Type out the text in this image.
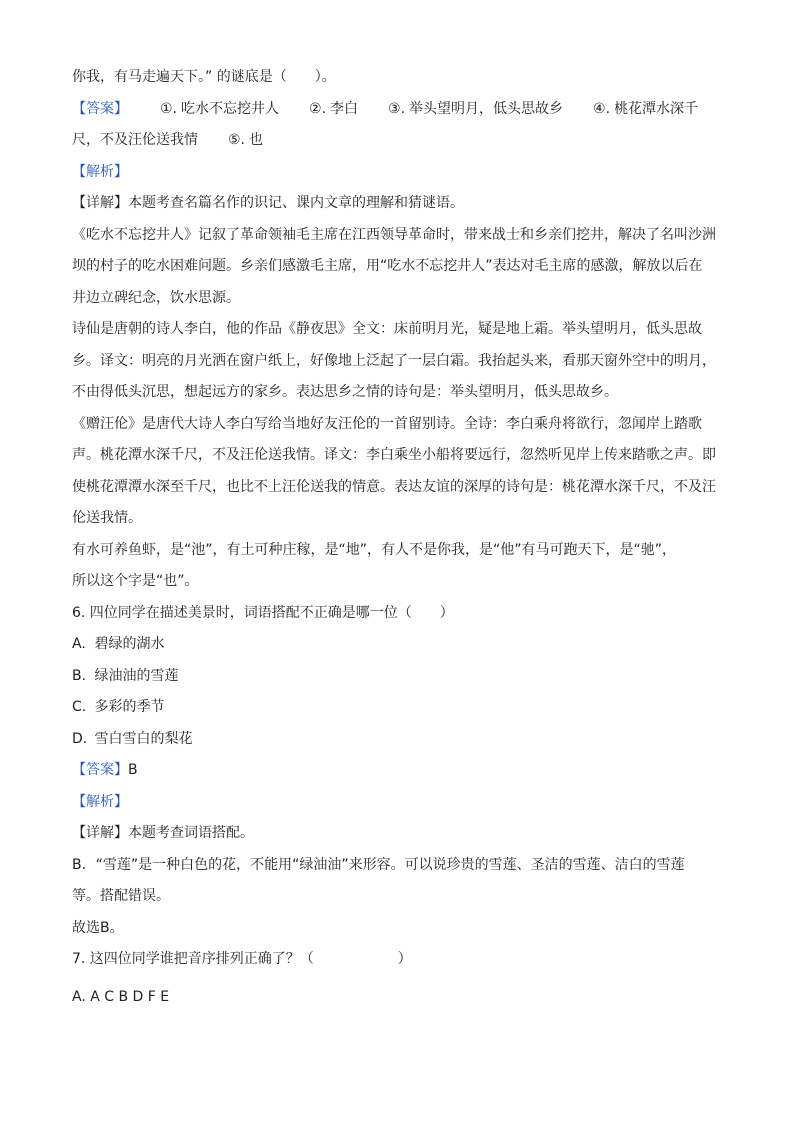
你我，有马走遍天下。” 的谜底是（　　）。

【答案】	①. 吃水不忘挖井人 ②. 李白 ③. 举头望明月，低头思故乡 ④. 桃花潭水深千

尺，不及汪伦送我情 ⑤. 也

【解析】

【详解】本题考查名篇名作的识记、课内文章的理解和猜谜语。

《吃水不忘挖井人》记叙了革命领袖毛主席在江西领导革命时，带来战士和乡亲们挖井，解决了名叫沙洲

坝的村子的吃水困难问题。乡亲们感激毛主席，用“吃水不忘挖井人”表达对毛主席的感激，解放以后在

井边立碑纪念，饮水思源。

诗仙是唐朝的诗人李白，他的作品《静夜思》全文：床前明月光，疑是地上霜。举头望明月，低头思故

乡。译文：明亮的月光洒在窗户纸上，好像地上泛起了一层白霜。我抬起头来，看那天窗外空中的明月，

不由得低头沉思，想起远方的家乡。表达思乡之情的诗句是：举头望明月，低头思故乡。

《赠汪伦》是唐代大诗人李白写给当地好友汪伦的一首留别诗。全诗：李白乘舟将欲行，忽闻岸上踏歌

声。桃花潭水深千尺，不及汪伦送我情。译文：李白乘坐小船将要远行，忽然听见岸上传来踏歌之声。即

使桃花潭潭水深至千尺，也比不上汪伦送我的情意。表达友谊的深厚的诗句是：桃花潭水深千尺，不及汪

伦送我情。

有水可养鱼虾，是“池”，有土可种庄稼，是“地”，有人不是你我，是“他”有马可跑天下，是“驰”，

所以这个字是“也”。

6. 四位同学在描述美景时，词语搭配不正确是哪一位（　　）

A. 碧绿的湖水

B. 绿油油的雪莲

C. 多彩的季节

D. 雪白雪白的梨花

【答案】B

【解析】

【详解】本题考查词语搭配。

B．“雪莲”是一种白色的花，不能用“绿油油”来形容。可以说珍贵的雪莲、圣洁的雪莲、洁白的雪莲

等。搭配错误。

故选B。

7. 这四位同学谁把音序排列正确了？（　　　　　　）

A. A C B D F E
